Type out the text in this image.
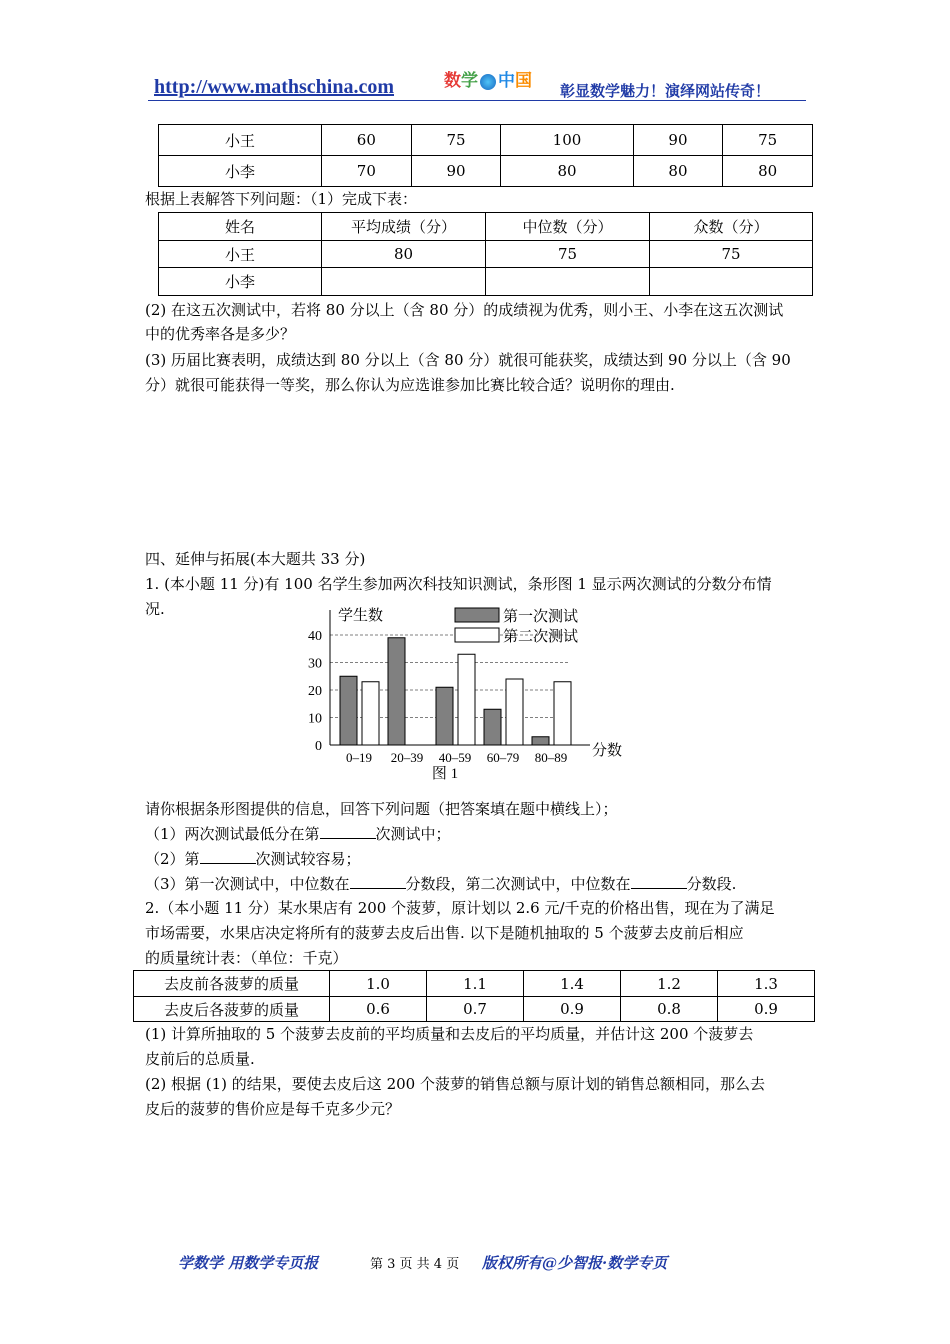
http://www.mathschina.com	数学 中国	彰显数学魅力！演绎网站传奇！
小王	60	75	100	90	75
小李	70	90	80	80	80
根据上表解答下列问题：（1）完成下表：
姓名	平均成绩（分）	中位数（分）	众数（分）
小王	80	75	75
小李			
(2) 在这五次测试中，若将 80 分以上（含 80 分）的成绩视为优秀，则小王、小李在这五次测试
中的优秀率各是多少？
(3) 历届比赛表明，成绩达到 80 分以上（含 80 分）就很可能获奖，成绩达到 90 分以上（含 90
分）就很可能获得一等奖，那么你认为应选谁参加比赛比较合适？说明你的理由.
四、延伸与拓展(本大题共 33 分)
1. (本小题 11 分)有 100 名学生参加两次科技知识测试，条形图 1 显示两次测试的分数分布情
况.
0
10
20
30
40
学生数
分数
0–19 20–39 40–59 60–79 80–89
第一次测试
第二次测试
图 1
请你根据条形图提供的信息，回答下列问题（把答案填在题中横线上）；
（1）两次测试最低分在第	次测试中；
（2）第	次测试较容易；
（3）第一次测试中，中位数在	分数段，第二次测试中，中位数在	分数段.
2.（本小题 11 分）某水果店有 200 个菠萝，原计划以 2.6 元/千克的价格出售，现在为了满足
市场需要，水果店决定将所有的菠萝去皮后出售. 以下是随机抽取的 5 个菠萝去皮前后相应
的质量统计表：（单位：千克）
去皮前各菠萝的质量	1.0	1.1	1.4	1.2	1.3
去皮后各菠萝的质量	0.6	0.7	0.9	0.8	0.9
(1) 计算所抽取的 5 个菠萝去皮前的平均质量和去皮后的平均质量，并估计这 200 个菠萝去
皮前后的总质量.
(2) 根据 (1) 的结果，要使去皮后这 200 个菠萝的销售总额与原计划的销售总额相同，那么去
皮后的菠萝的售价应是每千克多少元？
学数学 用数学专页报	第 3 页 共 4 页 版权所有@少智报·数学专页
